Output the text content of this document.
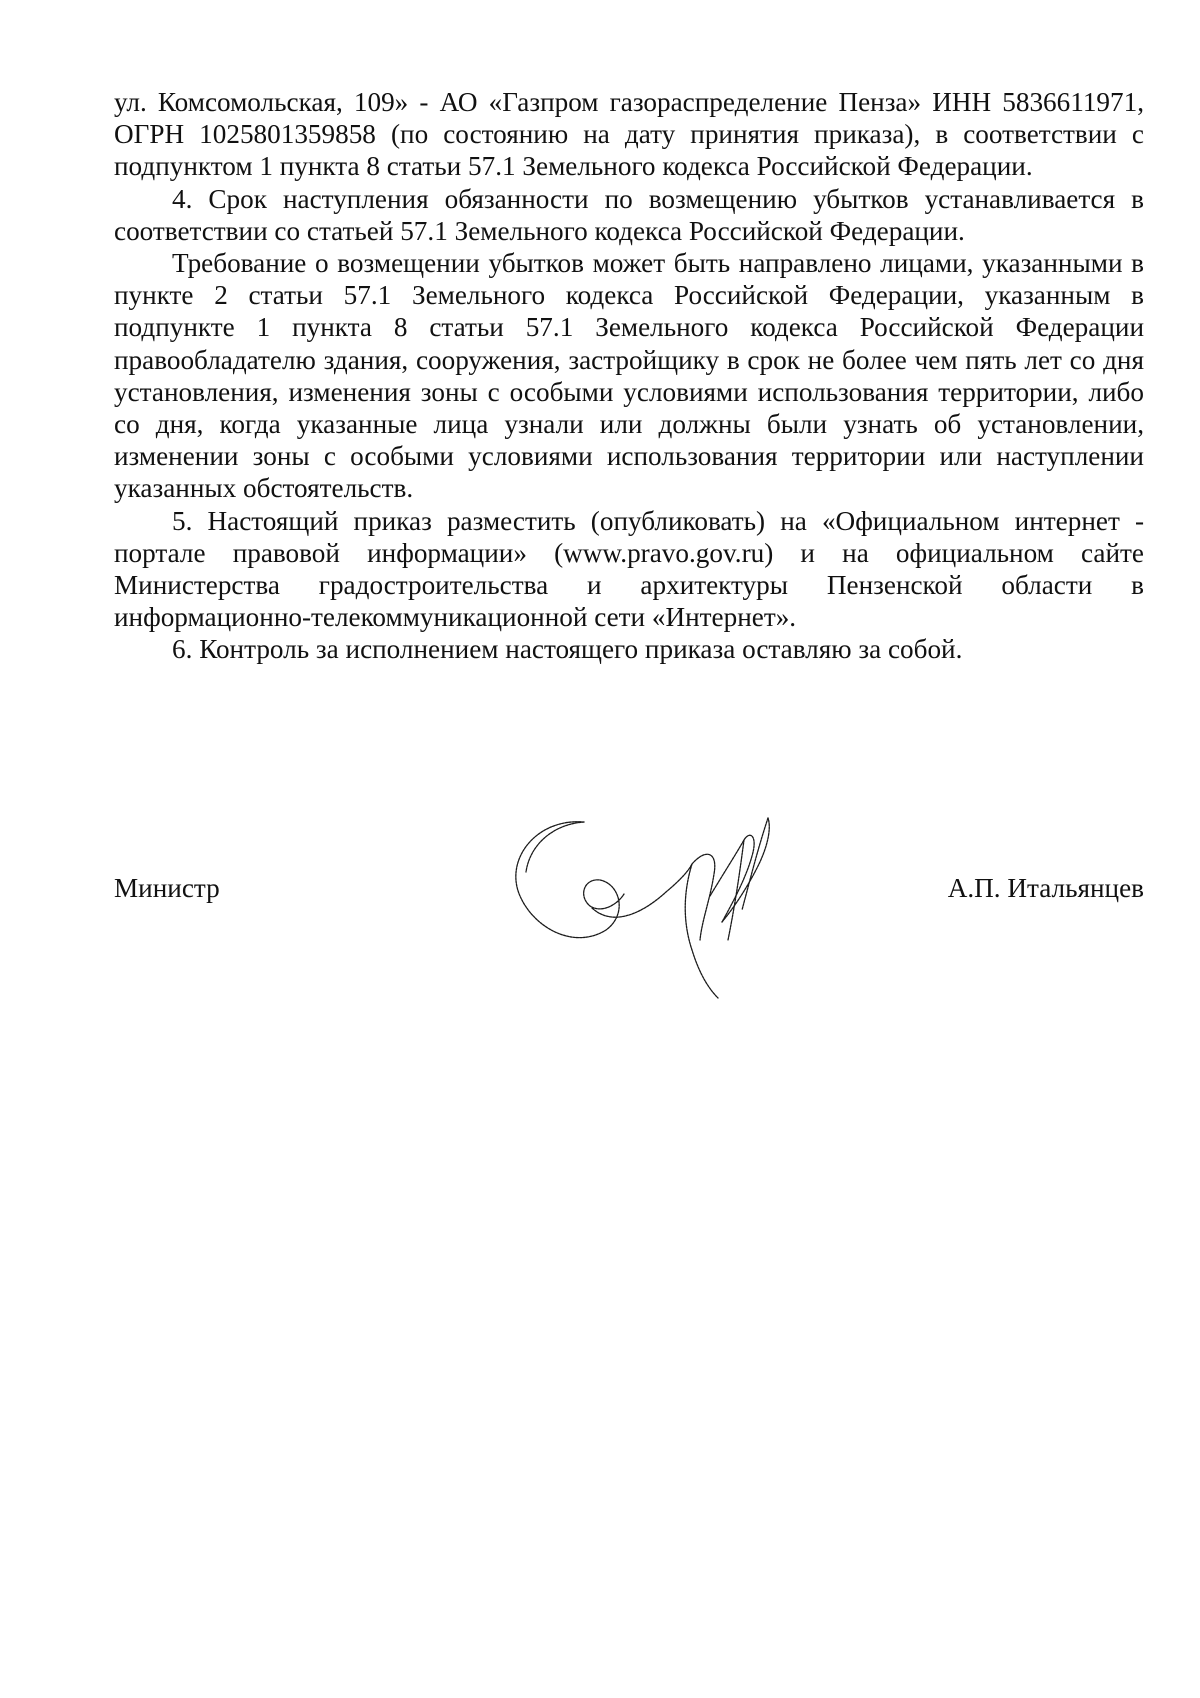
ул. Комсомольская, 109» - АО «Газпром газораспределение Пенза» ИНН 5836611971, ОГРН 1025801359858 (по состоянию на дату принятия приказа), в соответствии с подпунктом 1 пункта 8 статьи 57.1 Земельного кодекса Российской Федерации.

4. Срок наступления обязанности по возмещению убытков устанавливается в соответствии со статьей 57.1 Земельного кодекса Российской Федерации.

Требование о возмещении убытков может быть направлено лицами, указанными в пункте 2 статьи 57.1 Земельного кодекса Российской Федерации, указанным в подпункте 1 пункта 8 статьи 57.1 Земельного кодекса Российской Федерации правообладателю здания, сооружения, застройщику в срок не более чем пять лет со дня установления, изменения зоны с особыми условиями использования территории, либо со дня, когда указанные лица узнали или должны были узнать об установлении, изменении зоны с особыми условиями использования территории или наступлении указанных обстоятельств.

5. Настоящий приказ разместить (опубликовать) на «Официальном интернет - портале правовой информации» (www.pravo.gov.ru) и на официальном сайте Министерства градостроительства и архитектуры Пензенской области в информационно-телекоммуникационной сети «Интернет».

6. Контроль за исполнением настоящего приказа оставляю за собой.

Министр	А.П. Итальянцев
